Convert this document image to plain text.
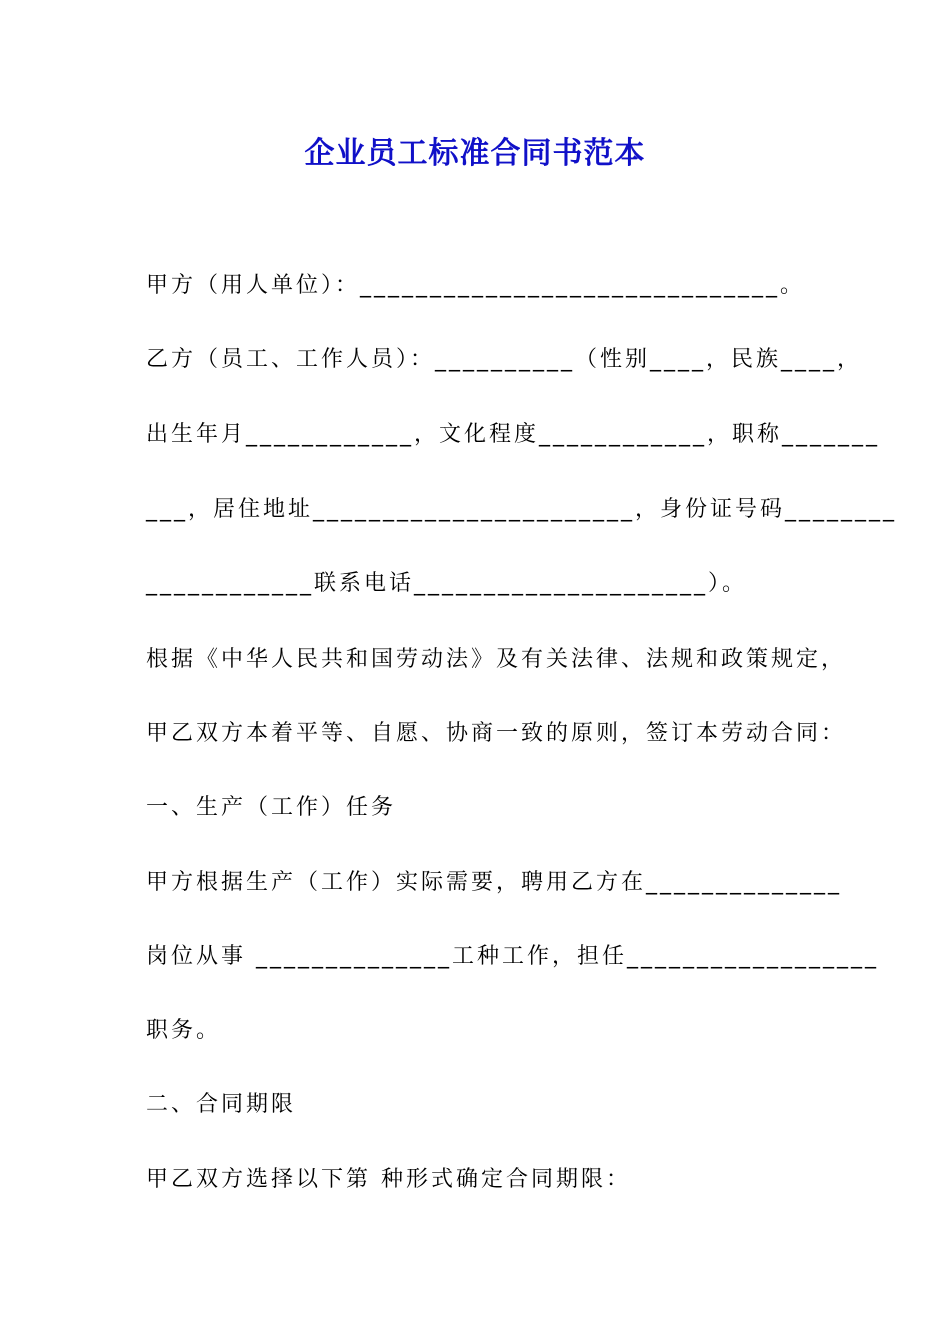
企业员工标准合同书范本
甲方（用人单位）：______________________________。
乙方（员工、工作人员）：__________（性别____，民族____，
出生年月____________，文化程度____________，职称_______
___，居住地址_______________________，身份证号码________
____________联系电话_____________________）。
根据《中华人民共和国劳动法》及有关法律、法规和政策规定，
甲乙双方本着平等、自愿、协商一致的原则，签订本劳动合同：
一、生产（工作）任务
甲方根据生产（工作）实际需要，聘用乙方在______________
岗位从事 ______________工种工作，担任__________________
职务。
二、合同期限
甲乙双方选择以下第 种形式确定合同期限：
